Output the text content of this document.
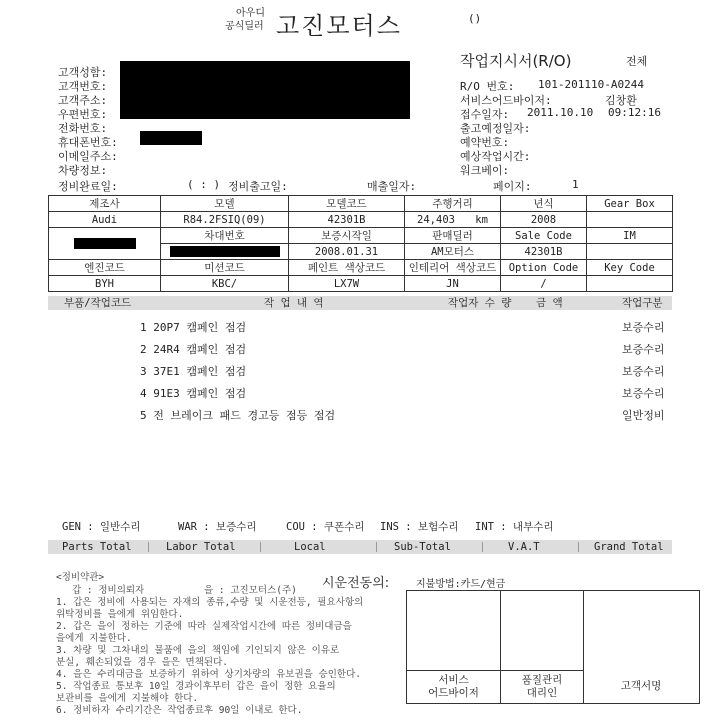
아우디
공식딜러 고진모터스	()
고객성함:
고객번호:
고객주소:
우편번호:
전화번호:
휴대폰번호:
이메일주소:
차량정보:
정비완료일:	( : ) 정비출고일:	매출일자:	페이지:	1
작업지시서(R/O)	전체
R/O 번호: 101-201110-A0244
서비스어드바이저:	김창환
접수일자: 2011.10.10 09:12:16
출고예정일자:
예약번호:
예상작업시간:
워크베이:
제조사	모델	모델코드	주행거리	년식	Gear Box
Audi	R84.2FSIQ(09)	42301B	24,403 km	2008	

	차대번호	보증시작일	판매딜러	Sale Code	IM

		2008.01.31	AM모터스	42301B	
엔진코드	미션코드	페인트 색상코드	인테리어 색상코드	Option Code	Key Code
BYH	KBC/	LX7W	JN	/	
부품/작업코드	작 업 내 역	작업자 수 량 금 액	작업구분
1 20P7 캠페인 점검	보증수리
2 24R4 캠페인 점검	보증수리
3 37E1 캠페인 점검	보증수리
4 91E3 캠페인 점검	보증수리
5 전 브레이크 패드 경고등 점등 점검	일반정비
GEN : 일반수리	WAR : 보증수리	COU : 쿠폰수리 INS : 보험수리 INT : 내부수리
Parts Total	Labor Total	Local	Sub-Total	V.A.T	Grand Total
<정비약관>
갑 : 정비의뢰자	을 : 고진모터스(주)
1. 갑은 정비에 사용되는 자재의 종류,수량 및 시운전등, 필요사항의
위탁정비를 을에게 위임한다.
2. 갑은 을이 정하는 기준에 따라 실제작업시간에 따른 정비대금을
을에게 지불한다.
3. 차량 및 그차내의 물품에 을의 책임에 기인되지 않은 이유로
분실, 훼손되었을 경우 을은 면책된다.
4. 을은 수리대금을 보증하기 위하여 상기차량의 유보권을 승인한다.
5. 작업종료 통보후 10일 경과이후부터 갑은 을이 정한 요율의
보관비를 을에게 지불해야 한다.
6. 정비하자 수리기간은 작업종료후 90일 이내로 한다.
시운전동의:	지불방법:카드/현금
서비스
어드바이저
품질관리
대리인
고객서명
